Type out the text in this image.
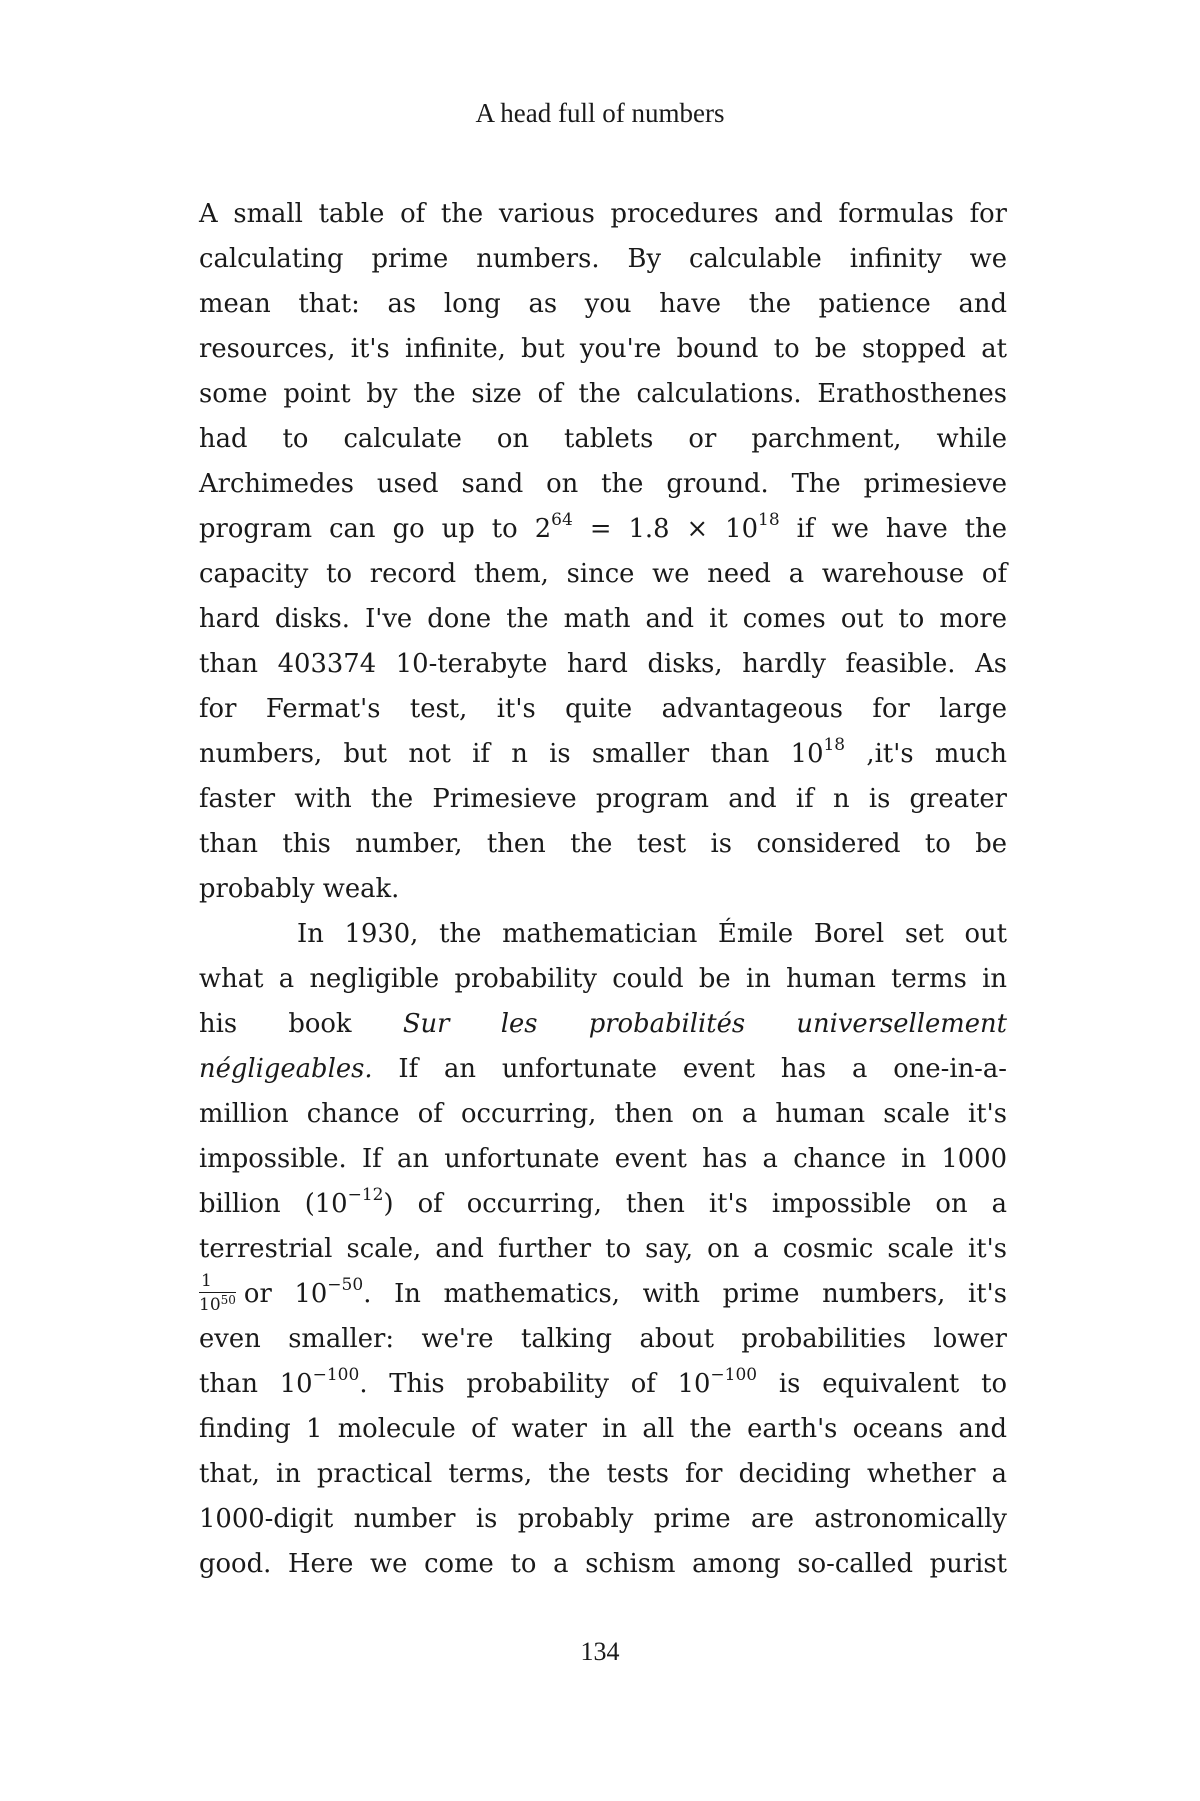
A head full of numbers
A small table of the various procedures and formulas for
calculating prime numbers. By calculable infinity we
mean that: as long as you have the patience and
resources, it's infinite, but you're bound to be stopped at
some point by the size of the calculations. Erathosthenes
had to calculate on tablets or parchment, while
Archimedes used sand on the ground. The primesieve
program can go up to $2^{64} = 1.8 \times 10^{18}$ if we have the
capacity to record them, since we need a warehouse of
hard disks. I've done the math and it comes out to more
than 403374 10-terabyte hard disks, hardly feasible. As
for Fermat's test, it's quite advantageous for large
numbers, but not if n is smaller than $10^{18}$ ,it's much
faster with the Primesieve program and if n is greater
than this number, then the test is considered to be
probably weak.
In 1930, the mathematician Émile Borel set out
what a negligible probability could be in human terms in
his book Sur les probabilités universellement
négligeables. If an unfortunate event has a one-in-a-
million chance of occurring, then on a human scale it's
impossible. If an unfortunate event has a chance in 1000
billion $(10^{-12})$ of occurring, then it's impossible on a
terrestrial scale, and further to say, on a cosmic scale it's
$\frac{1}{10^{50}}$ or $10^{-50}$. In mathematics, with prime numbers, it's
even smaller: we're talking about probabilities lower
than $10^{-100}$. This probability of $10^{-100}$ is equivalent to
finding 1 molecule of water in all the earth's oceans and
that, in practical terms, the tests for deciding whether a
1000-digit number is probably prime are astronomically
good. Here we come to a schism among so-called purist
134
